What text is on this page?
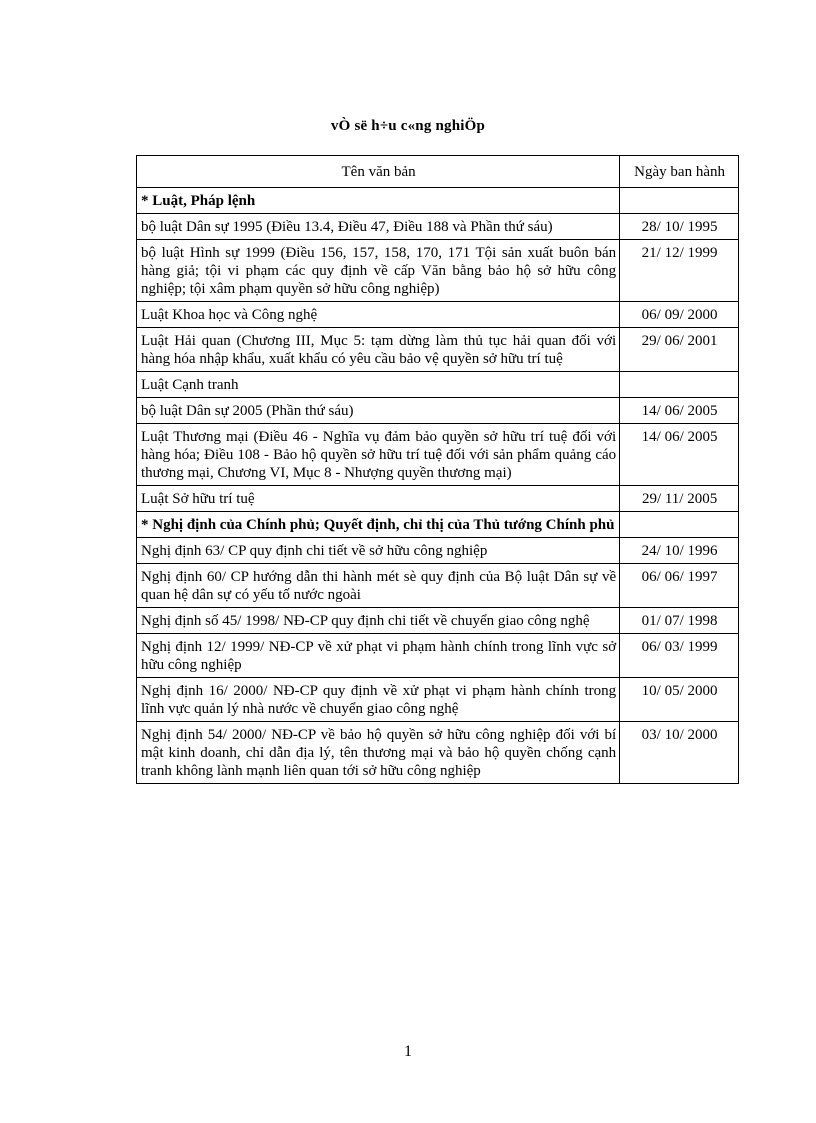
vÒ së h÷u c«ng nghiÖp
Tên văn bản	Ngày ban hành
* Luật, Pháp lệnh	
bộ luật Dân sự 1995 (Điều 13.4, Điều 47, Điều 188 và Phần thứ sáu)	28/ 10/ 1995
bộ luật Hình sự 1999 (Điều 156, 157, 158, 170, 171 Tội sản xuất buôn bán hàng giả; tội vi phạm các quy định về cấp Văn bằng bảo hộ sở hữu công nghiệp; tội xâm phạm quyền sở hữu công nghiệp)	21/ 12/ 1999
Luật Khoa học và Công nghệ	06/ 09/ 2000
Luật Hải quan (Chương III, Mục 5: tạm dừng làm thủ tục hải quan đối với hàng hóa nhập khẩu, xuất khẩu có yêu cầu bảo vệ quyền sở hữu trí tuệ	29/ 06/ 2001
Luật Cạnh tranh	
bộ luật Dân sự 2005 (Phần thứ sáu)	14/ 06/ 2005
Luật Thương mại (Điều 46 - Nghĩa vụ đảm bảo quyền sở hữu trí tuệ đối với hàng hóa; Điều 108 - Bảo hộ quyền sở hữu trí tuệ đối với sản phẩm quảng cáo thương mại, Chương VI, Mục 8 - Nhượng quyền thương mại)	14/ 06/ 2005
Luật Sở hữu trí tuệ	29/ 11/ 2005
* Nghị định của Chính phủ; Quyết định, chỉ thị của Thủ tướng Chính phủ	
Nghị định 63/ CP quy định chi tiết về sở hữu công nghiệp	24/ 10/ 1996
Nghị định 60/ CP hướng dẫn thi hành mét sè quy định của Bộ luật Dân sự về quan hệ dân sự có yếu tố nước ngoài	06/ 06/ 1997
Nghị định số 45/ 1998/ NĐ-CP quy định chi tiết về chuyển giao công nghệ	01/ 07/ 1998
Nghị định 12/ 1999/ NĐ-CP về xử phạt vi phạm hành chính trong lĩnh vực sở hữu công nghiệp	06/ 03/ 1999
Nghị định 16/ 2000/ NĐ-CP quy định về xử phạt vi phạm hành chính trong lĩnh vực quản lý nhà nước về chuyển giao công nghệ	10/ 05/ 2000
Nghị định 54/ 2000/ NĐ-CP về bảo hộ quyền sở hữu công nghiệp đối với bí mật kinh doanh, chỉ dẫn địa lý, tên thương mại và bảo hộ quyền chống cạnh tranh không lành mạnh liên quan tới sở hữu công nghiệp	03/ 10/ 2000
1
